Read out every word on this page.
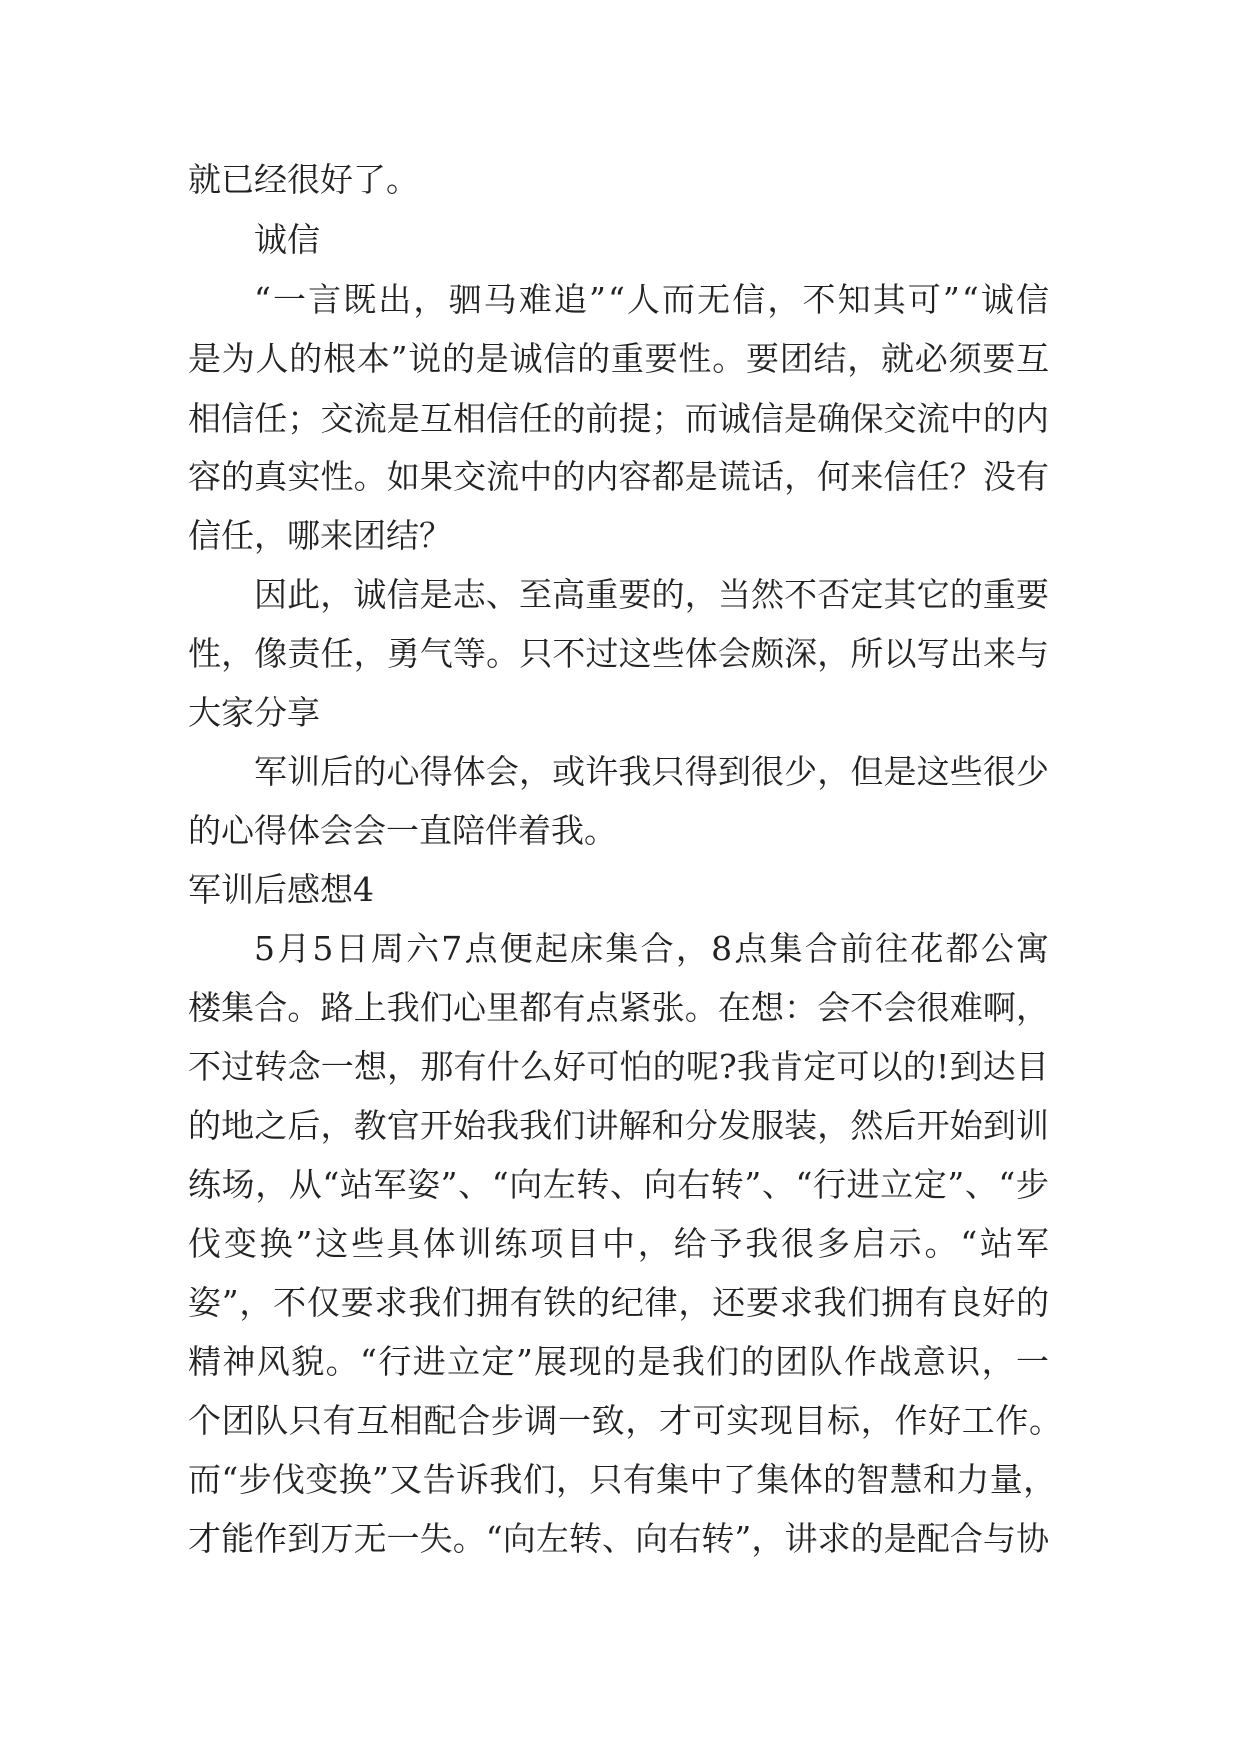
就已经很好了。
诚信
“一言既出，驷马难追”“人而无信，不知其可”“诚信
是为人的根本”说的是诚信的重要性。要团结，就必须要互
相信任；交流是互相信任的前提；而诚信是确保交流中的内
容的真实性。如果交流中的内容都是谎话，何来信任？没有
信任，哪来团结？
因此，诚信是志、至高重要的，当然不否定其它的重要
性，像责任，勇气等。只不过这些体会颇深，所以写出来与
大家分享
军训后的心得体会，或许我只得到很少，但是这些很少
的心得体会会一直陪伴着我。
军训后感想4
5月5日周六7点便起床集合，8点集合前往花都公寓
楼集合。路上我们心里都有点紧张。在想：会不会很难啊，
不过转念一想，那有什么好可怕的呢?我肯定可以的!到达目
的地之后，教官开始我我们讲解和分发服装，然后开始到训
练场，从“站军姿”、“向左转、向右转”、“行进立定”、“步
伐变换”这些具体训练项目中，给予我很多启示。“站军
姿”，不仅要求我们拥有铁的纪律，还要求我们拥有良好的
精神风貌。“行进立定”展现的是我们的团队作战意识，一
个团队只有互相配合步调一致，才可实现目标，作好工作。
而“步伐变换”又告诉我们，只有集中了集体的智慧和力量，
才能作到万无一失。“向左转、向右转”，讲求的是配合与协
